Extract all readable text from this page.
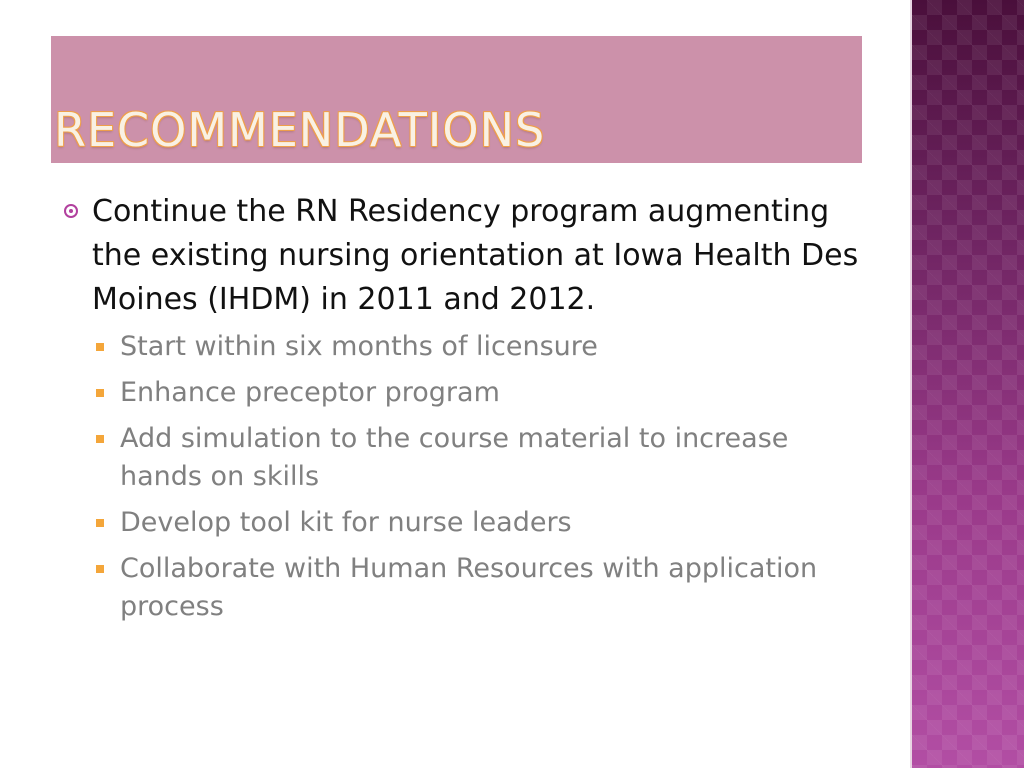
RECOMMENDATIONS
Continue the RN Residency program augmenting the existing nursing orientation at Iowa Health Des Moines (IHDM) in 2011 and 2012.
Start within six months of licensure
Enhance preceptor program
Add simulation to the course material to increase hands on skills
Develop tool kit for nurse leaders
Collaborate with Human Resources with application process
